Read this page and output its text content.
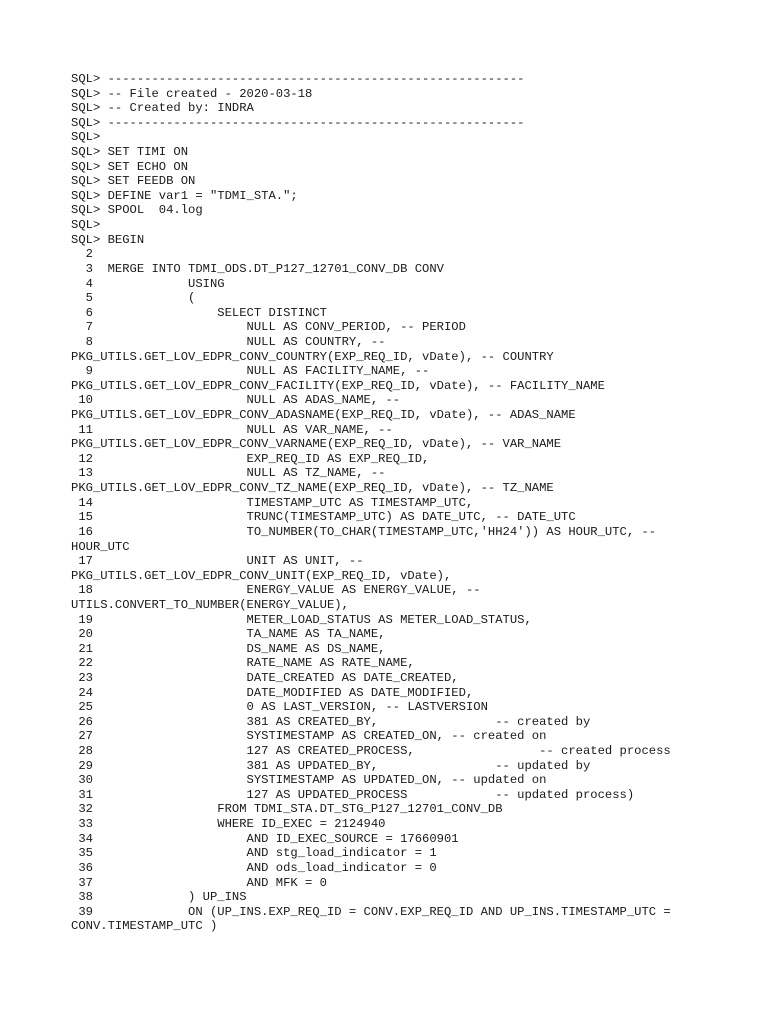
SQL> ---------------------------------------------------------
SQL> -- File created - 2020-03-18
SQL> -- Created by: INDRA
SQL> ---------------------------------------------------------
SQL>
SQL> SET TIMI ON
SQL> SET ECHO ON
SQL> SET FEEDB ON
SQL> DEFINE var1 = "TDMI_STA.";
SQL> SPOOL  04.log
SQL>
SQL> BEGIN
2
3  MERGE INTO TDMI_ODS.DT_P127_12701_CONV_DB CONV
4             USING
5             (
6                 SELECT DISTINCT
7                     NULL AS CONV_PERIOD, -- PERIOD
8                     NULL AS COUNTRY, --
PKG_UTILS.GET_LOV_EDPR_CONV_COUNTRY(EXP_REQ_ID, vDate), -- COUNTRY
9                     NULL AS FACILITY_NAME, --
PKG_UTILS.GET_LOV_EDPR_CONV_FACILITY(EXP_REQ_ID, vDate), -- FACILITY_NAME
10                     NULL AS ADAS_NAME, --
PKG_UTILS.GET_LOV_EDPR_CONV_ADASNAME(EXP_REQ_ID, vDate), -- ADAS_NAME
11                     NULL AS VAR_NAME, --
PKG_UTILS.GET_LOV_EDPR_CONV_VARNAME(EXP_REQ_ID, vDate), -- VAR_NAME
12                     EXP_REQ_ID AS EXP_REQ_ID,
13                     NULL AS TZ_NAME, --
PKG_UTILS.GET_LOV_EDPR_CONV_TZ_NAME(EXP_REQ_ID, vDate), -- TZ_NAME
14                     TIMESTAMP_UTC AS TIMESTAMP_UTC,
15                     TRUNC(TIMESTAMP_UTC) AS DATE_UTC, -- DATE_UTC
16                     TO_NUMBER(TO_CHAR(TIMESTAMP_UTC,'HH24')) AS HOUR_UTC, --
HOUR_UTC
17                     UNIT AS UNIT, --
PKG_UTILS.GET_LOV_EDPR_CONV_UNIT(EXP_REQ_ID, vDate),
18                     ENERGY_VALUE AS ENERGY_VALUE, --
UTILS.CONVERT_TO_NUMBER(ENERGY_VALUE),
19                     METER_LOAD_STATUS AS METER_LOAD_STATUS,
20                     TA_NAME AS TA_NAME,
21                     DS_NAME AS DS_NAME,
22                     RATE_NAME AS RATE_NAME,
23                     DATE_CREATED AS DATE_CREATED,
24                     DATE_MODIFIED AS DATE_MODIFIED,
25                     0 AS LAST_VERSION, -- LASTVERSION
26                     381 AS CREATED_BY,                -- created by
27                     SYSTIMESTAMP AS CREATED_ON, -- created on
28                     127 AS CREATED_PROCESS,                 -- created process
29                     381 AS UPDATED_BY,                -- updated by
30                     SYSTIMESTAMP AS UPDATED_ON, -- updated on
31                     127 AS UPDATED_PROCESS            -- updated process)
32                 FROM TDMI_STA.DT_STG_P127_12701_CONV_DB
33                 WHERE ID_EXEC = 2124940
34                     AND ID_EXEC_SOURCE = 17660901
35                     AND stg_load_indicator = 1
36                     AND ods_load_indicator = 0
37                     AND MFK = 0
38             ) UP_INS
39             ON (UP_INS.EXP_REQ_ID = CONV.EXP_REQ_ID AND UP_INS.TIMESTAMP_UTC =
CONV.TIMESTAMP_UTC )
